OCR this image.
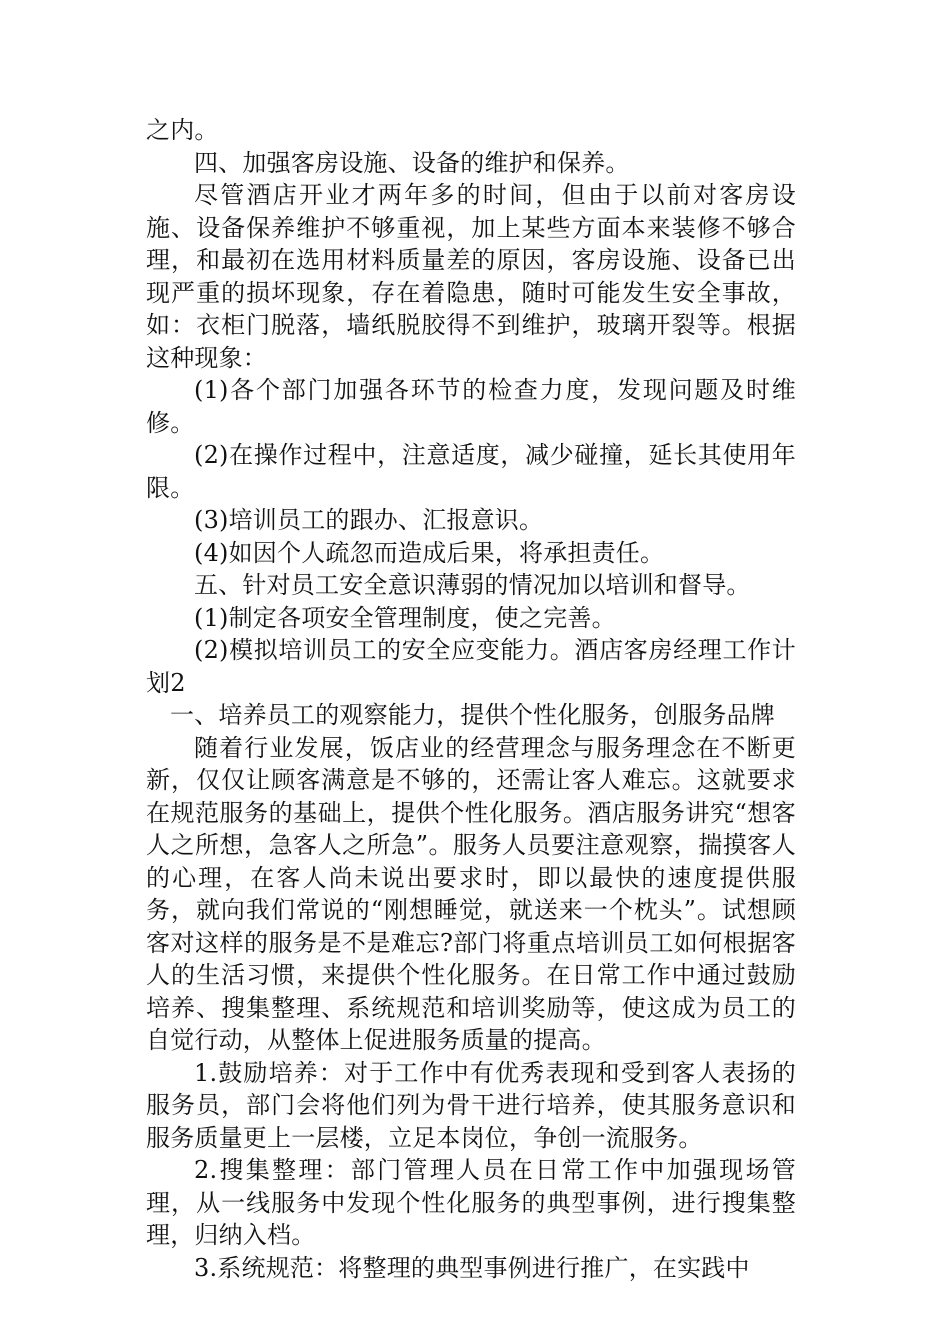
之内。

四、加强客房设施、设备的维护和保养。

尽管酒店开业才两年多的时间，但由于以前对客房设施、设备保养维护不够重视，加上某些方面本来装修不够合理，和最初在选用材料质量差的原因，客房设施、设备已出现严重的损坏现象，存在着隐患，随时可能发生安全事故，如：衣柜门脱落，墙纸脱胶得不到维护，玻璃开裂等。根据这种现象：

(1)各个部门加强各环节的检查力度，发现问题及时维修。

(2)在操作过程中，注意适度，减少碰撞，延长其使用年限。

(3)培训员工的跟办、汇报意识。

(4)如因个人疏忽而造成后果，将承担责任。

五、针对员工安全意识薄弱的情况加以培训和督导。

(1)制定各项安全管理制度，使之完善。

(2)模拟培训员工的安全应变能力。酒店客房经理工作计划2

一、培养员工的观察能力，提供个性化服务，创服务品牌

随着行业发展，饭店业的经营理念与服务理念在不断更新，仅仅让顾客满意是不够的，还需让客人难忘。这就要求在规范服务的基础上，提供个性化服务。酒店服务讲究“想客人之所想，急客人之所急”。服务人员要注意观察，揣摸客人的心理，在客人尚未说出要求时，即以最快的速度提供服务，就向我们常说的“刚想睡觉，就送来一个枕头”。试想顾客对这样的服务是不是难忘?部门将重点培训员工如何根据客人的生活习惯，来提供个性化服务。在日常工作中通过鼓励培养、搜集整理、系统规范和培训奖励等，使这成为员工的自觉行动，从整体上促进服务质量的提高。

1.鼓励培养：对于工作中有优秀表现和受到客人表扬的服务员，部门会将他们列为骨干进行培养，使其服务意识和服务质量更上一层楼，立足本岗位，争创一流服务。

2.搜集整理：部门管理人员在日常工作中加强现场管理，从一线服务中发现个性化服务的典型事例，进行搜集整理，归纳入档。

3.系统规范：将整理的典型事例进行推广，在实践中
